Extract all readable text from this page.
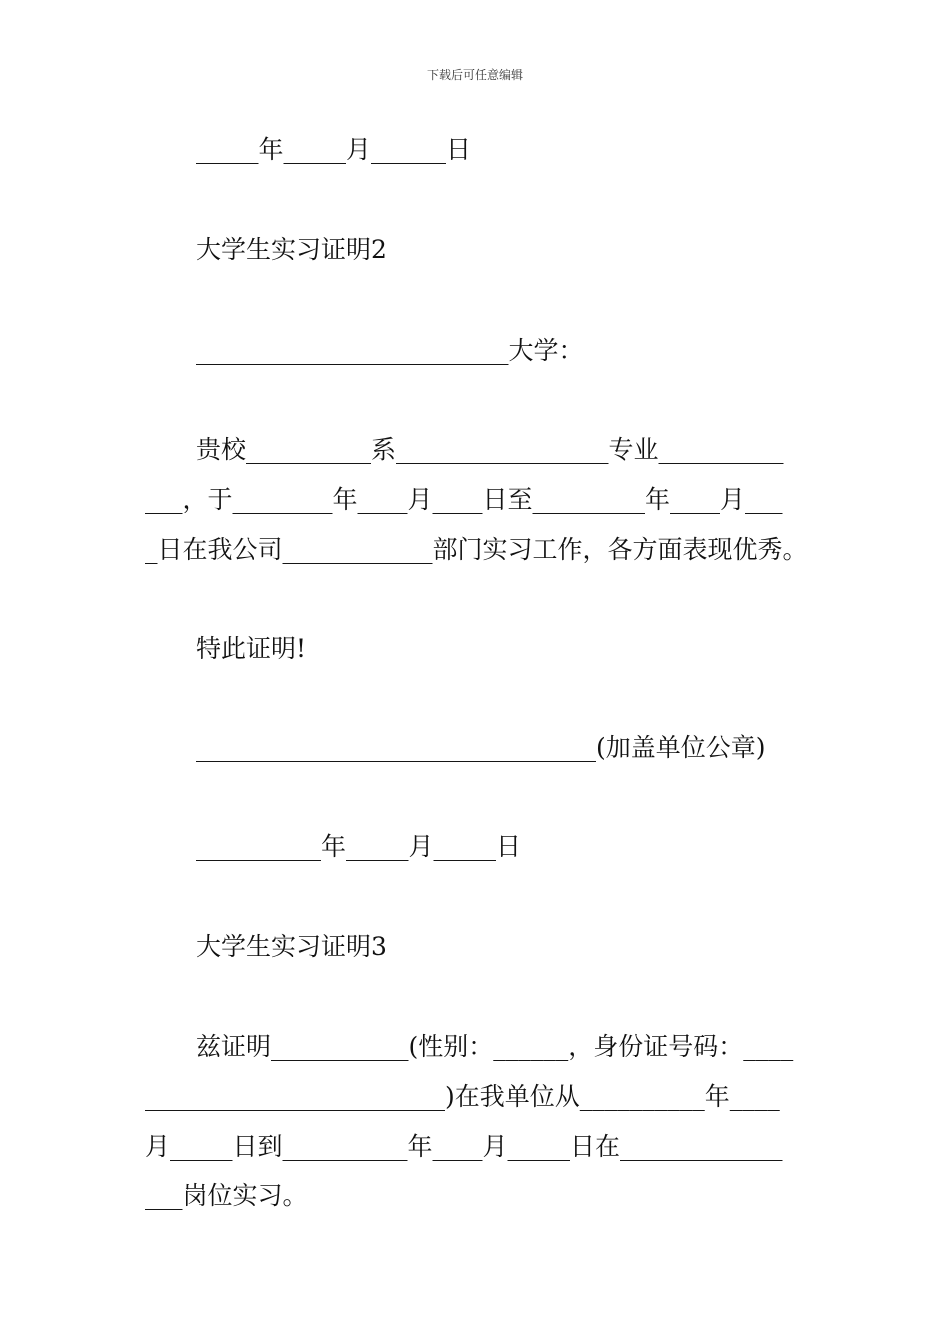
下载后可任意编辑
_____年_____月______日
大学生实习证明2
_________________________大学：
贵校__________系_________________专业__________
___，于________年____月____日至_________年____月___
_日在我公司____________部门实习工作，各方面表现优秀。
特此证明!
________________________________(加盖单位公章)
__________年_____月_____日
大学生实习证明3
兹证明___________(性别：______，身份证号码：____
________________________)在我单位从__________年____
月_____日到__________年____月_____日在_____________
___岗位实习。
